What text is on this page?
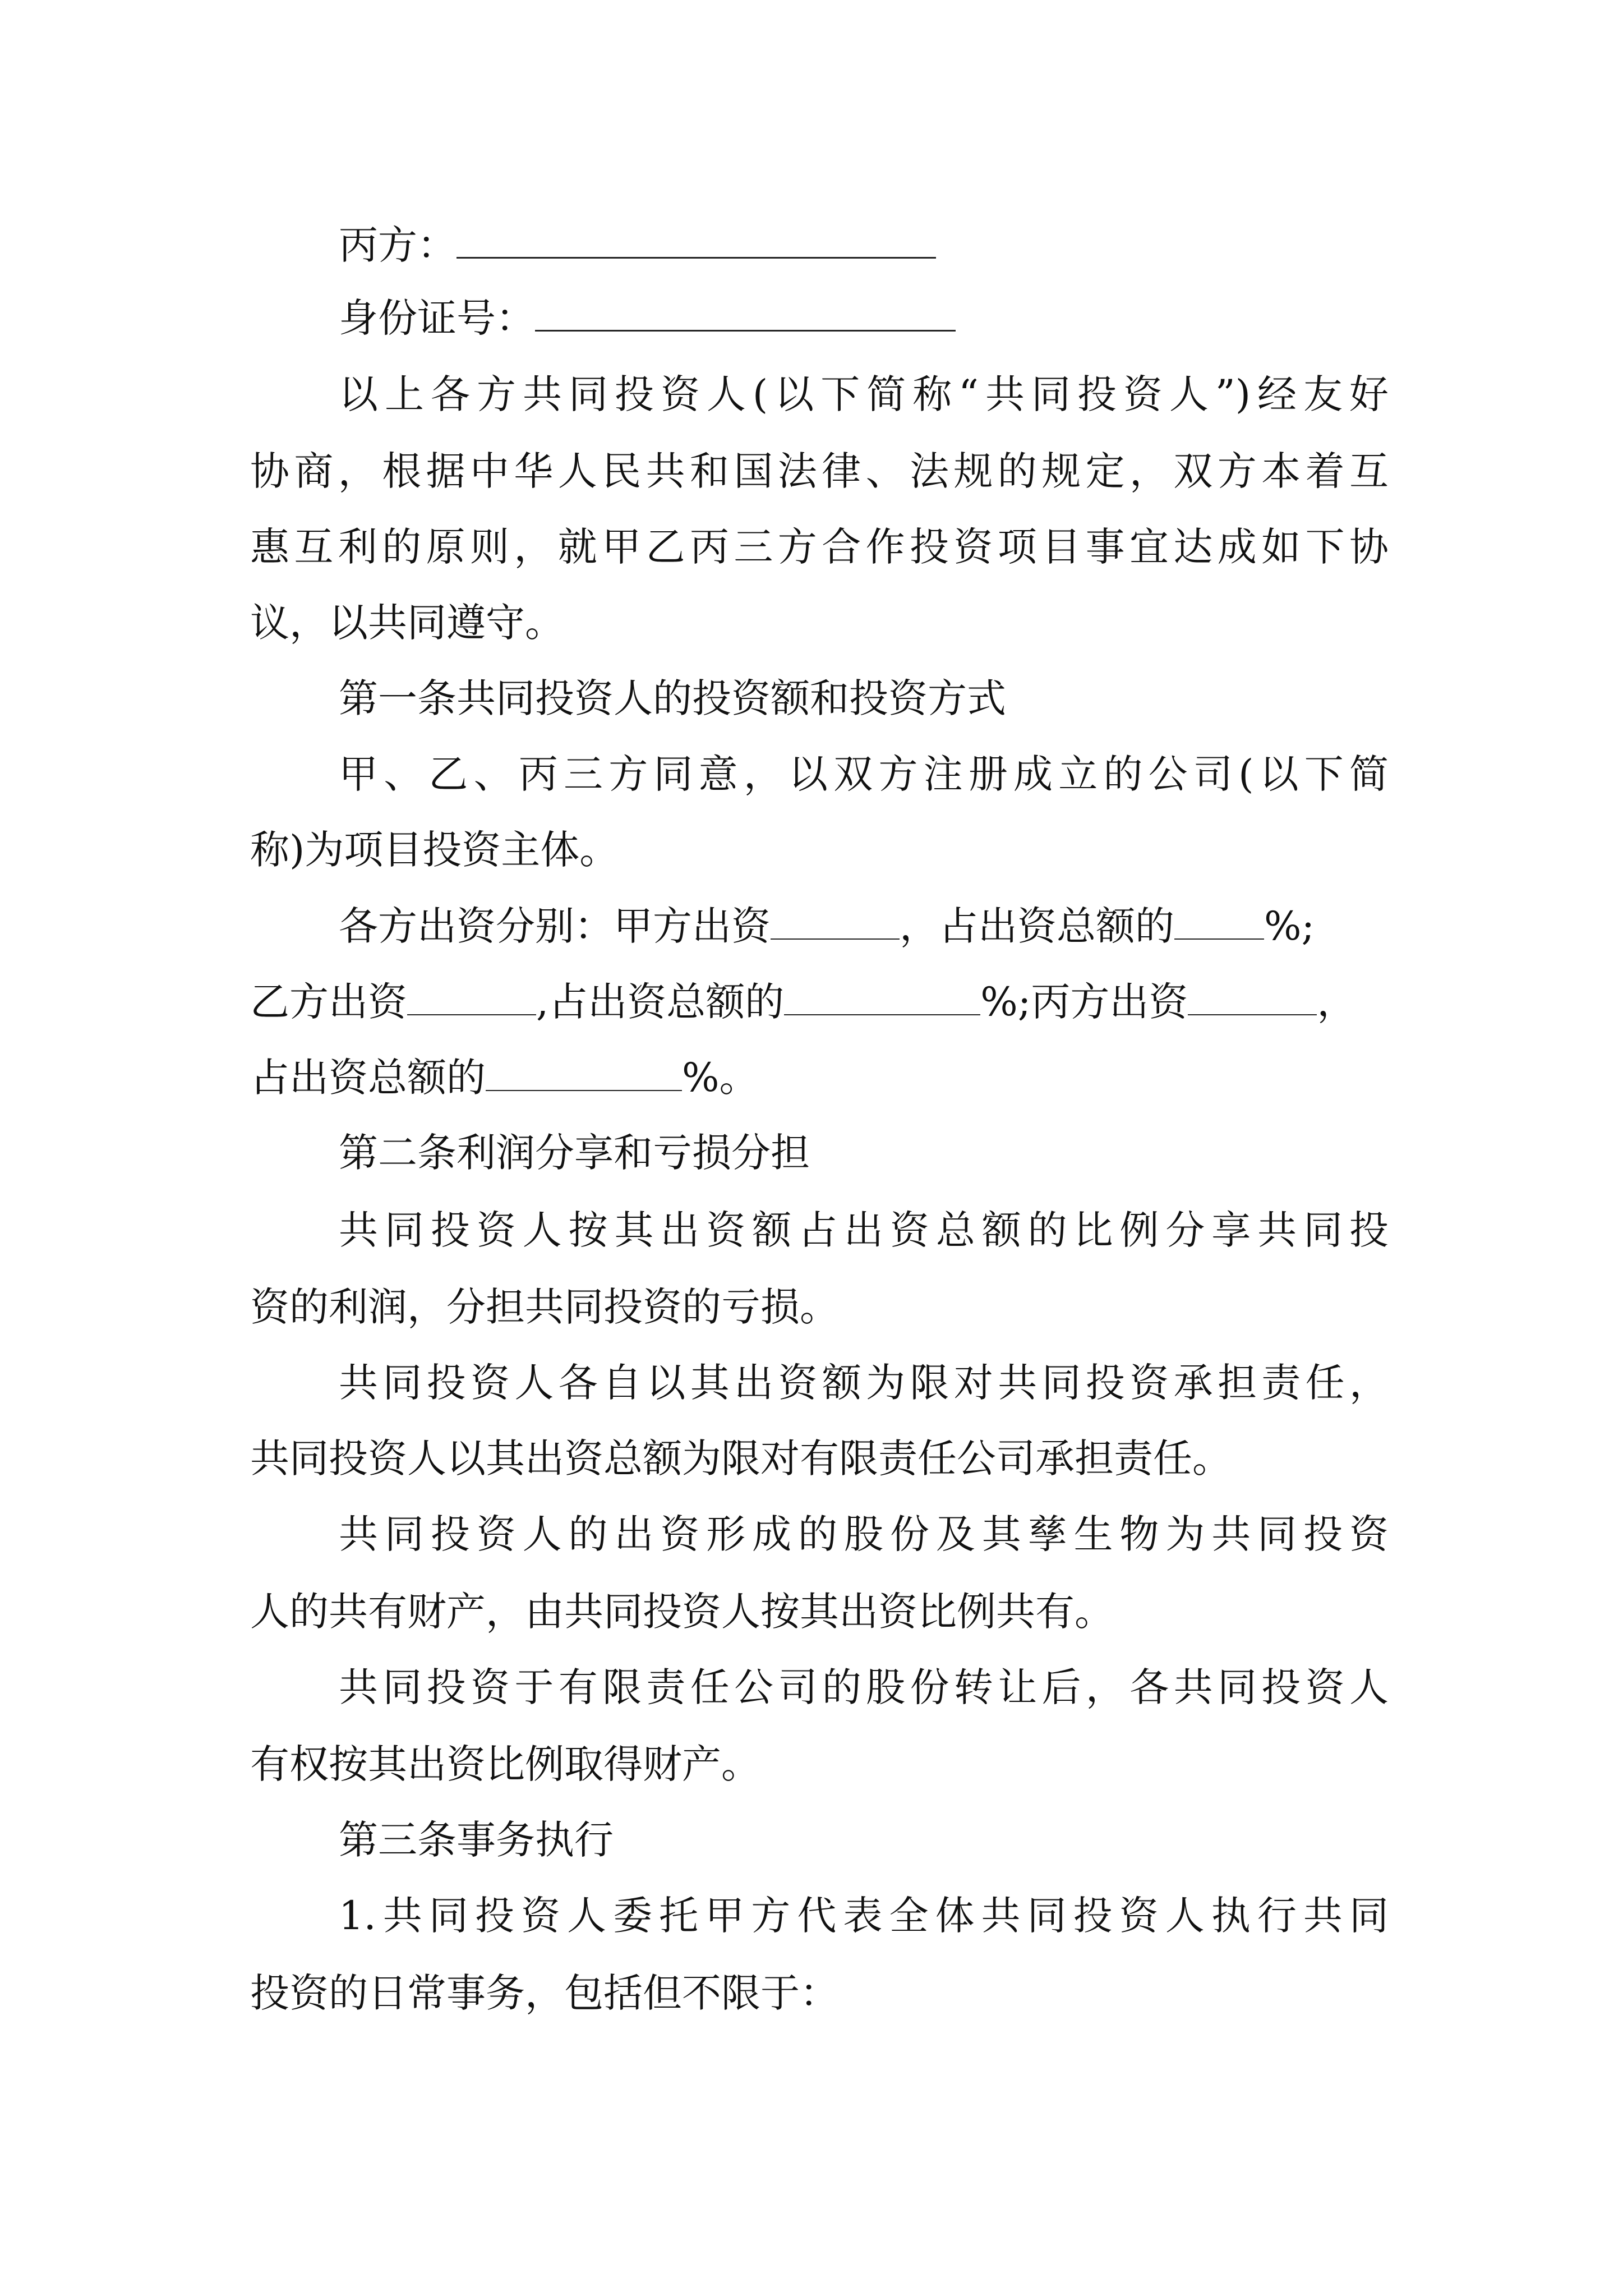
丙方：
身份证号：
以上各方共同投资人(以下简称“共同投资人”)经友好
协商，根据中华人民共和国法律、法规的规定，双方本着互
惠互利的原则，就甲乙丙三方合作投资项目事宜达成如下协
议，以共同遵守。
第一条共同投资人的投资额和投资方式
甲、乙、丙三方同意，以双方注册成立的公司(以下简
称)为项目投资主体。
各方出资分别：甲方出资	，占出资总额的 %;
乙方出资	,占出资总额的	%;丙方出资	，
占出资总额的	%。
第二条利润分享和亏损分担
共同投资人按其出资额占出资总额的比例分享共同投
资的利润，分担共同投资的亏损。
共同投资人各自以其出资额为限对共同投资承担责任，
共同投资人以其出资总额为限对有限责任公司承担责任。
共同投资人的出资形成的股份及其孳生物为共同投资
人的共有财产，由共同投资人按其出资比例共有。
共同投资于有限责任公司的股份转让后，各共同投资人
有权按其出资比例取得财产。
第三条事务执行
1.共同投资人委托甲方代表全体共同投资人执行共同
投资的日常事务，包括但不限于：
